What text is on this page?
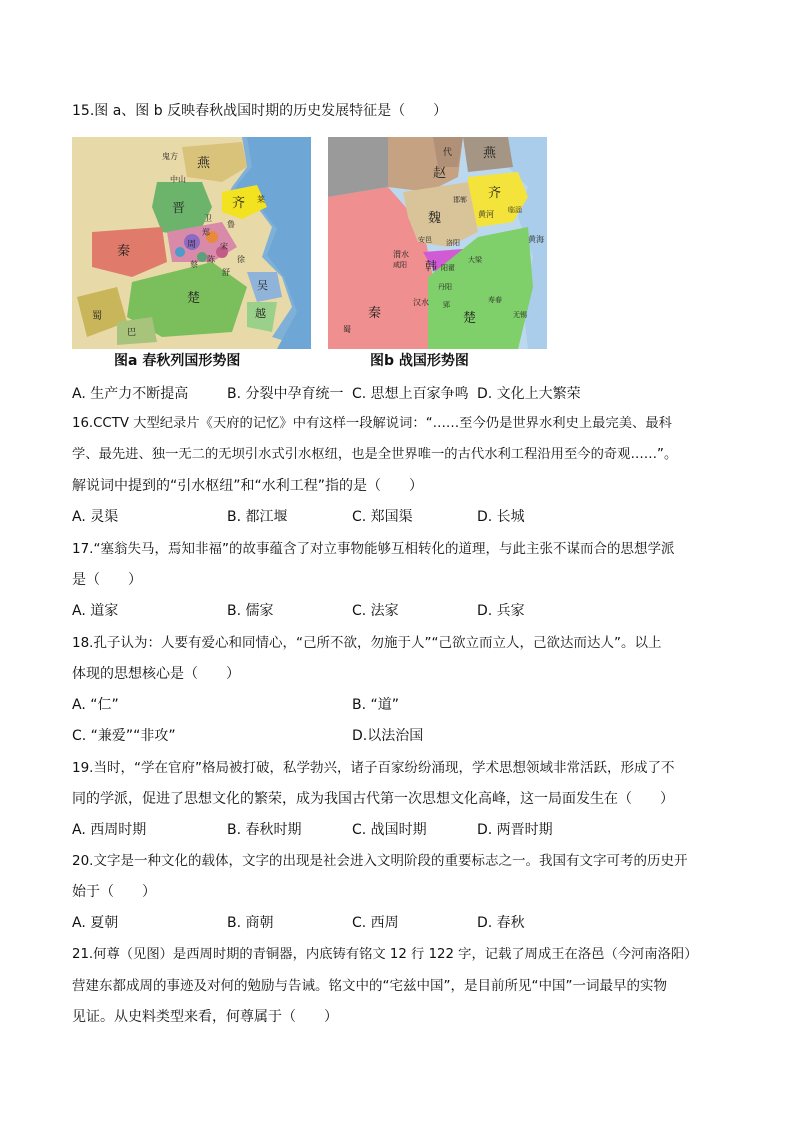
15.图 a、图 b 反映春秋战国时期的历史发展特征是（　　）
燕
鬼方
中山
齐
晋
秦	周
楚
吴
越
蜀
巴
莱
郑
鲁
宋
卫
陈
蔡
徐
舒
图a 春秋列国形势图
燕
代
赵
齐
魏
韩
秦	楚
黄河
汉水
渭水
黄海
邯郸
安邑 洛阳
咸阳	阳翟
大梁
丹阳
郢
寿春
临淄
蜀
无锡
图b 战国形势图
A. 生产力不断提高	B. 分裂中孕育统一 C. 思想上百家争鸣 D. 文化上大繁荣
16.CCTV 大型纪录片《天府的记忆》中有这样一段解说词：“……至今仍是世界水利史上最完美、最科
学、最先进、独一无二的无坝引水式引水枢纽，也是全世界唯一的古代水利工程沿用至今的奇观……”。
解说词中提到的“引水枢纽”和“水利工程”指的是（　　）
A. 灵渠	B. 都江堰	C. 郑国渠	D. 长城
17.“塞翁失马，焉知非福”的故事蕴含了对立事物能够互相转化的道理，与此主张不谋而合的思想学派
是（　　）
A. 道家	B. 儒家	C. 法家	D. 兵家
18.孔子认为：人要有爱心和同情心，“己所不欲，勿施于人”“己欲立而立人，己欲达而达人”。以上
体现的思想核心是（　　）
A. “仁”	B. “道”
C. “兼爱”“非攻”	D.以法治国
19.当时，“学在官府”格局被打破，私学勃兴，诸子百家纷纷涌现，学术思想领域非常活跃，形成了不
同的学派，促进了思想文化的繁荣，成为我国古代第一次思想文化高峰，这一局面发生在（　　）
A. 西周时期	B. 春秋时期	C. 战国时期	D. 两晋时期
20.文字是一种文化的载体，文字的出现是社会进入文明阶段的重要标志之一。我国有文字可考的历史开
始于（　　）
A. 夏朝	B. 商朝	C. 西周	D. 春秋
21.何尊（见图）是西周时期的青铜器，内底铸有铭文 12 行 122 字，记载了周成王在洛邑（今河南洛阳）
营建东都成周的事迹及对何的勉励与告诫。铭文中的“宅兹中国”，是目前所见“中国”一词最早的实物
见证。从史料类型来看，何尊属于（　　）
